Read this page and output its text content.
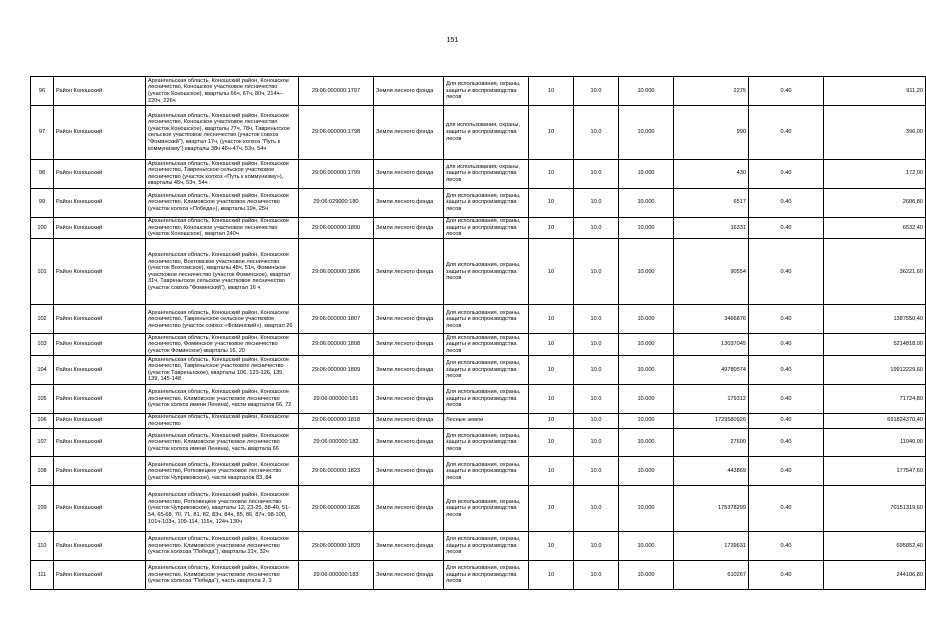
151
96	Район Коношский	Архангельская область, Коношский район, Коношское лесничество, Коношское участковое лесничество (участок Коношское), кварталы 66ч, 67ч, 80ч, 214ч–220ч, 226ч	29:06:000000:1797	Земли лесного фонда	Для использования, охраны, защиты и воспроизводства лесов	10	10.0	10.000	2275	0.40	911,20
97	Район Коношский	Архангельская область, Коношский район, Коношское лесничество, Коношское участковое лесничество (участок Коношское), кварталы 77ч, 78ч, Тавреньгское сельское участковое лесничество (участок совхоз "Фоминский"), квартал 17ч, (участок колхоз "Путь к коммунизму") кварталы 38ч 46ч-47ч, 53ч, 54ч	29:06:000000:1798	Земли лесного фонда	для использования, охраны, защиты и воспроизводства лесов	10	10.0	10.000	990	0.40	396,00
98	Район Коношский	Архангельская область, Коношский район, Коношское лесничество, Тавреньгское сельское участковое лесничество (участок колхоз «Путь к коммунизму»), кварталы 45ч, 53ч, 54ч	29:06:000000:1799	Земли лесного фонда	для использования, охраны, защиты и воспроизводства лесов	10	10.0	10.000	430	0.40	172,00
99	Район Коношский	Архангельская область, Коношский район, Коношское лесничество, Климовское участковое лесничество (участок колхоз «Победа»), кварталы 19ч, 25ч	29:06:029000:180	Земли лесного фонда	Для использования, охраны, защиты и воспроизводства лесов	10	10.0	10.000	6517	0.40	2606,80
100	Район Коношский	Архангельская область, Коношский район, Коношское лесничество, Коношское участковое лесничество (участок Коношское), квартал 240ч	29:06:000000:1800	Земли лесного фонда	Для использования, охраны, защиты и воспроизводства лесов	10	10.0	10.000	16331	0.40	6532,40
101	Район Коношский	Архангельская область, Коношский район, Коношское лесничество, Вохтомское участковое лесничество (участок Вохтомское), кварталы 48ч, 51ч, Фоминское участковое лесничество (участок Фоминское), квартал 31ч, Тавреньгское сельское участковое лесничество (участок совхоз "Фоминский"), квартал 16 ч	29:06:000000:1806	Земли лесного фонда	Для использования, охраны, защиты и воспроизводства лесов	10	10.0	10.000	90554	0.40	36221,60
102	Район Коношский	Архангельская область, Коношский район, Коношское лесничество, Тавреньгское сельское участковое лесничество (участок совхоз «Фоминский»), квартал 26	29:06:000000:1807	Земли лесного фонда	Для использования, охраны, защиты и воспроизводства лесов	10	10.0	10.000	3466876	0.40	1387550,40
103	Район Коношский	Архангельская область, Коношский район, Коношское лесничество, Фоминское участковое лесничество (участок Фоминское) кварталы 16, 20	29:06:000000:1808	Земли лесного фонда	Для использования, охраны, защиты и воспроизводства лесов	10	10.0	10.000	13037045	0.40	5214818,00
104	Район Коношский	Архангельская область, Коношский район, Коношское лесничество, Тавреньгское участковое лесничество (участок Тавреньгское), кварталы 106, 123-126, 135, 139, 145-148	29:06:000000:1809	Земли лесного фонда	Для использования, охраны, защиты и воспроизводства лесов	10	10.0	10.000	49780574	0.40	19912229,60
105	Район Коношский	Архангельская область, Коношский район, Коношское лесничество, Климовское участковое лесничество (участок колхоз имени Ленина), части кварталов 66, 72	29:06:000000:181	Земли лесного фонда	Для использования, охраны, защиты и воспроизводства лесов	10	10.0	10.000	179312	0.40	71724,80
106	Район Коношский	Архангельская область, Коношский район, Коношское лесничество	29:06:000000:1818	Земли лесного фонда	Лесные земли	10	10.0	10.000	1729580926	0.40	691824370,40
107	Район Коношский	Архангельская область, Коношский район, Коношское лесничество, Климовское участковое лесничество (участок колхоз имени Ленина), часть квартала 66	29:06:000000:182	Земли лесного фонда	Для использования, охраны, защиты и воспроизводства лесов	10	10.0	10.000	27600	0.40	11040,00
108	Район Коношский	Архангельская область, Коношский район, Коношское лесничество, Ротковецкое участковое лесничество (участок Чуприковское), части кварталов 83, 84	29:06:000000:1823	Земли лесного фонда	Для использования, охраны, защиты и воспроизводства лесов	10	10.0	10.000	443869	0.40	177547,60
109	Район Коношский	Архангельская область, Коношский район, Коношское лесничество, Ротковецкое участковое лесничество (участок Чуприковское), кварталы 12, 23-25, 38-40, 51-54, 65-68, 70, 71, 81, 82, 83ч, 84ч, 85, 86, 87ч, 98-100, 101ч-103ч, 109-114, 115ч, 124ч-130ч	29:06:000000:1826	Земли лесного фонда	Для использования, охраны, защиты и воспроизводства лесов	10	10.0	10.000	175378299	0.40	70151319,60
110	Район Коношский	Архангельская область, Коношский район, Коношское лесничество, Климовское участковое лесничество (участок колхоза "Победа"), кварталы 31ч, 32ч	29:06:000000:1829	Земли лесного фонда	Для использования, охраны, защиты и воспроизводства лесов	10	10.0	10.000	1739631	0.40	695852,40
111	Район Коношский	Архангельская область, Коношский район, Коношское лесничество, Климовское участковое лесничество (участок колхоза "Победа"), часть квартала 2, 3	29:06:000000:183	Земли лесного фонда	Для использования, охраны, защиты и воспроизводства лесов	10	10.0	10.000	610267	0.40	244106,80
